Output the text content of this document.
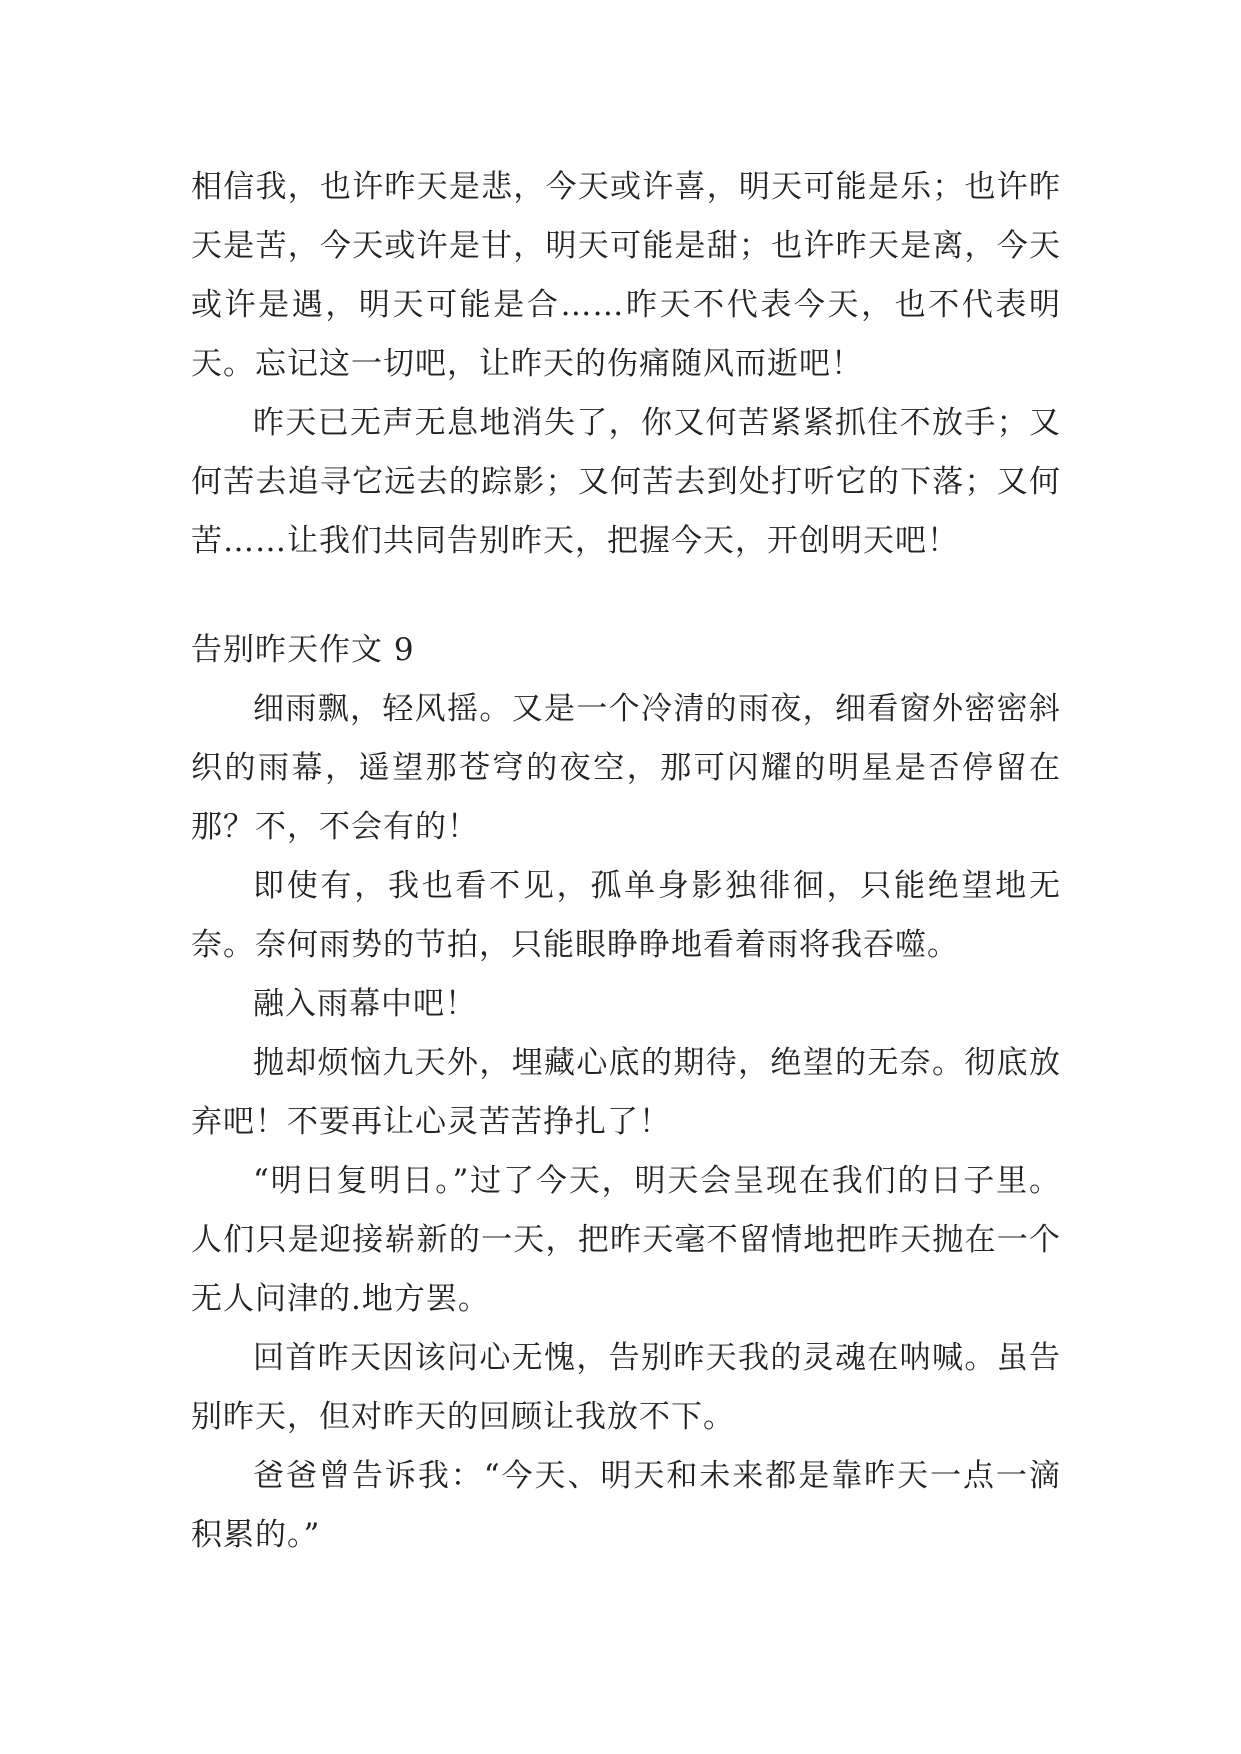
相信我，也许昨天是悲，今天或许喜，明天可能是乐；也许昨天是苦，今天或许是甘，明天可能是甜；也许昨天是离，今天或许是遇，明天可能是合……昨天不代表今天，也不代表明天。忘记这一切吧，让昨天的伤痛随风而逝吧！

昨天已无声无息地消失了，你又何苦紧紧抓住不放手；又何苦去追寻它远去的踪影；又何苦去到处打听它的下落；又何苦……让我们共同告别昨天，把握今天，开创明天吧！

告别昨天作文 9

细雨飘，轻风摇。又是一个冷清的雨夜，细看窗外密密斜织的雨幕，遥望那苍穹的夜空，那可闪耀的明星是否停留在那？不，不会有的！

即使有，我也看不见，孤单身影独徘徊，只能绝望地无奈。奈何雨势的节拍，只能眼睁睁地看着雨将我吞噬。

融入雨幕中吧！

抛却烦恼九天外，埋藏心底的期待，绝望的无奈。彻底放弃吧！不要再让心灵苦苦挣扎了！

“明日复明日。”过了今天，明天会呈现在我们的日子里。人们只是迎接崭新的一天，把昨天毫不留情地把昨天抛在一个无人问津的.地方罢。

回首昨天因该问心无愧，告别昨天我的灵魂在呐喊。虽告别昨天，但对昨天的回顾让我放不下。

爸爸曾告诉我：“今天、明天和未来都是靠昨天一点一滴积累的。”
